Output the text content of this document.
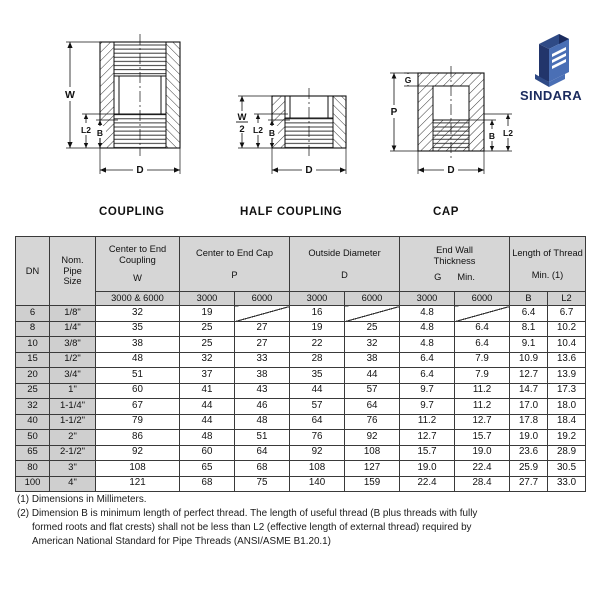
W
L2 B
D
COUPLING
W
2 L2 B
D
HALF COUPLING
G
P
B L2
D
CAP
SINDARA
DN

Nom.
Pipe
Size

Center to End
Coupling
W

Center to End Cap
P

Outside Diameter
D

End Wall
Thickness
G Min.

Length of Thread
Min. (1)

		3000 & 6000	3000	6000	3000	6000	3000	6000	B	L2
6	1/8"	32	19		16		4.8		6.4	6.7
8	1/4"	35	25	27	19	25	4.8	6.4	8.1	10.2
10	3/8"	38	25	27	22	32	4.8	6.4	9.1	10.4
15	1/2"	48	32	33	28	38	6.4	7.9	10.9	13.6
20	3/4"	51	37	38	35	44	6.4	7.9	12.7	13.9
25	1"	60	41	43	44	57	9.7	11.2	14.7	17.3
32	1-1/4"	67	44	46	57	64	9.7	11.2	17.0	18.0
40	1-1/2"	79	44	48	64	76	11.2	12.7	17.8	18.4
50	2"	86	48	51	76	92	12.7	15.7	19.0	19.2
65	2-1/2"	92	60	64	92	108	15.7	19.0	23.6	28.9
80	3"	108	65	68	108	127	19.0	22.4	25.9	30.5
100	4"	121	68	75	140	159	22.4	28.4	27.7	33.0
(1) Dimensions in Millimeters.
(2) Dimension B is minimum length of perfect thread. The length of useful thread (B plus threads with fully
formed roots and flat crests) shall not be less than L2 (effective length of external thread) required by
American National Standard for Pipe Threads (ANSI/ASME B1.20.1)
